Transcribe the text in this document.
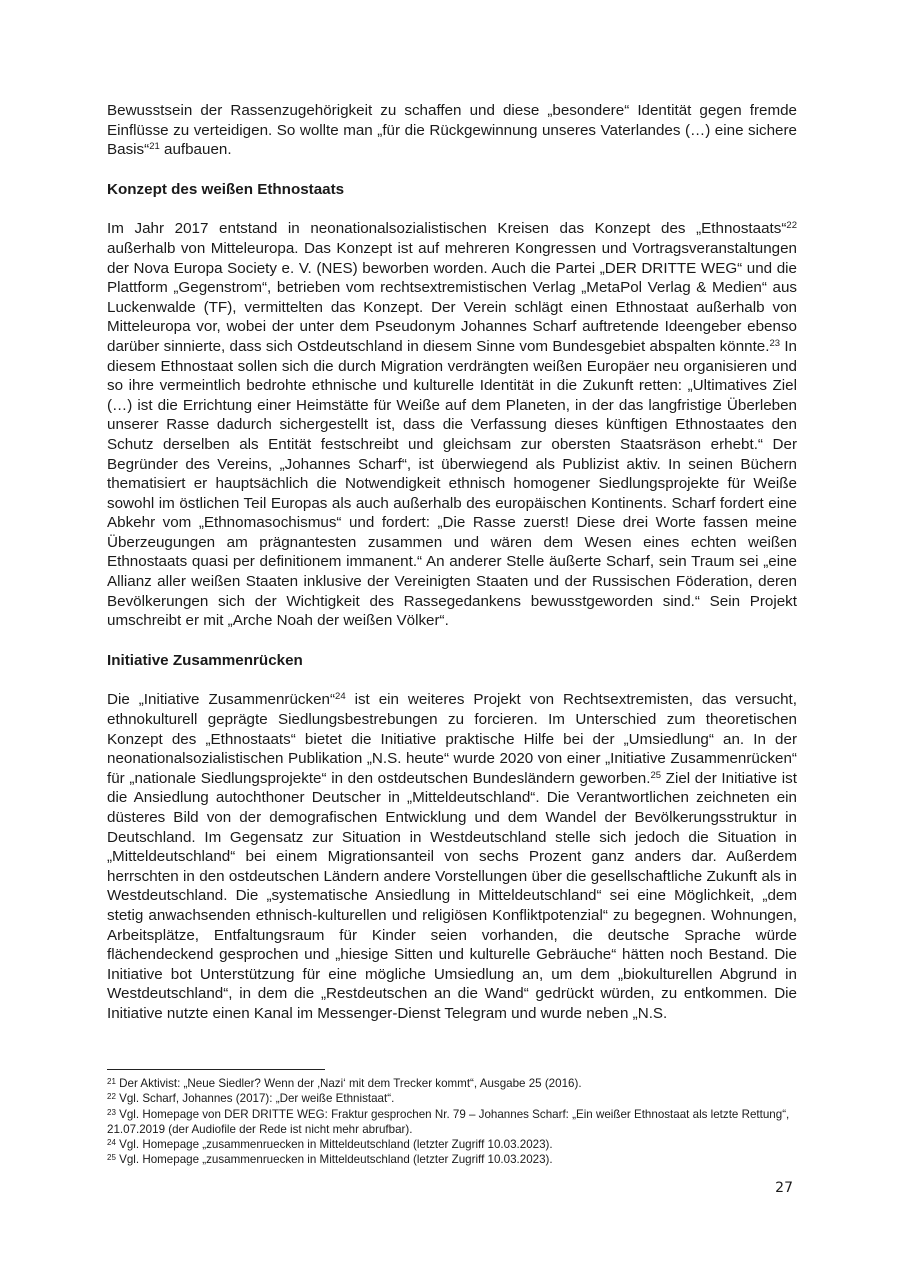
Bewusstsein der Rassenzugehörigkeit zu schaffen und diese „besondere“ Identität gegen fremde Einflüsse zu verteidigen. So wollte man „für die Rückgewinnung unseres Vaterlandes (…) eine sichere Basis“$^{21}$ aufbauen.

Konzept des weißen Ethnostaats

Im Jahr 2017 entstand in neonationalsozialistischen Kreisen das Konzept des „Ethnostaats“$^{22}$ außerhalb von Mitteleuropa. Das Konzept ist auf mehreren Kongressen und Vortragsveranstaltungen der Nova Europa Society e. V. (NES) beworben worden. Auch die Partei „DER DRITTE WEG“ und die Plattform „Gegenstrom“, betrieben vom rechtsextremistischen Verlag „MetaPol Verlag & Medien“ aus Luckenwalde (TF), vermittelten das Konzept. Der Verein schlägt einen Ethnostaat außerhalb von Mitteleuropa vor, wobei der unter dem Pseudonym Johannes Scharf auftretende Ideengeber ebenso darüber sinnierte, dass sich Ostdeutschland in diesem Sinne vom Bundesgebiet abspalten könnte.$^{23}$ In diesem Ethnostaat sollen sich die durch Migration verdrängten weißen Europäer neu organisieren und so ihre vermeintlich bedrohte ethnische und kulturelle Identität in die Zukunft retten: „Ultimatives Ziel (…) ist die Errichtung einer Heimstätte für Weiße auf dem Planeten, in der das langfristige Überleben unserer Rasse dadurch sichergestellt ist, dass die Verfassung dieses künftigen Ethnostaates den Schutz derselben als Entität festschreibt und gleichsam zur obersten Staatsräson erhebt.“ Der Begründer des Vereins, „Johannes Scharf“, ist überwiegend als Publizist aktiv. In seinen Büchern thematisiert er hauptsächlich die Notwendigkeit ethnisch homogener Siedlungsprojekte für Weiße sowohl im östlichen Teil Europas als auch außerhalb des europäischen Kontinents. Scharf fordert eine Abkehr vom „Ethnomasochismus“ und fordert: „Die Rasse zuerst! Diese drei Worte fassen meine Überzeugungen am prägnantesten zusammen und wären dem Wesen eines echten weißen Ethnostaats quasi per definitionem immanent.“ An anderer Stelle äußerte Scharf, sein Traum sei „eine Allianz aller weißen Staaten inklusive der Vereinigten Staaten und der Russischen Föderation, deren Bevölkerungen sich der Wichtigkeit des Rassegedankens bewusstgeworden sind.“ Sein Projekt umschreibt er mit „Arche Noah der weißen Völker“.

Initiative Zusammenrücken

Die „Initiative Zusammenrücken“$^{24}$ ist ein weiteres Projekt von Rechtsextremisten, das versucht, ethnokulturell geprägte Siedlungsbestrebungen zu forcieren. Im Unterschied zum theoretischen Konzept des „Ethnostaats“ bietet die Initiative praktische Hilfe bei der „Umsiedlung“ an. In der neonationalsozialistischen Publikation „N.S. heute“ wurde 2020 von einer „Initiative Zusammenrücken“ für „nationale Siedlungsprojekte“ in den ostdeutschen Bundesländern geworben.$^{25}$ Ziel der Initiative ist die Ansiedlung autochthoner Deutscher in „Mitteldeutschland“. Die Verantwortlichen zeichneten ein düsteres Bild von der demografischen Entwicklung und dem Wandel der Bevölkerungsstruktur in Deutschland. Im Gegensatz zur Situation in Westdeutschland stelle sich jedoch die Situation in „Mitteldeutschland“ bei einem Migrationsanteil von sechs Prozent ganz anders dar. Außerdem herrschten in den ostdeutschen Ländern andere Vorstellungen über die gesellschaftliche Zukunft als in Westdeutschland. Die „systematische Ansiedlung in Mitteldeutschland“ sei eine Möglichkeit, „dem stetig anwachsenden ethnisch-kulturellen und religiösen Konfliktpotenzial“ zu begegnen. Wohnungen, Arbeitsplätze, Entfaltungsraum für Kinder seien vorhanden, die deutsche Sprache würde flächendeckend gesprochen und „hiesige Sitten und kulturelle Gebräuche“ hätten noch Bestand. Die Initiative bot Unterstützung für eine mögliche Umsiedlung an, um dem „biokulturellen Abgrund in Westdeutschland“, in dem die „Restdeutschen an die Wand“ gedrückt würden, zu entkommen. Die Initiative nutzte einen Kanal im Messenger-Dienst Telegram und wurde neben „N.S.

$^{21}$ Der Aktivist: „Neue Siedler? Wenn der ‚Nazi‘ mit dem Trecker kommt“, Ausgabe 25 (2016).

$^{22}$ Vgl. Scharf, Johannes (2017): „Der weiße Ethnistaat“.

$^{23}$ Vgl. Homepage von DER DRITTE WEG: Fraktur gesprochen Nr. 79 – Johannes Scharf: „Ein weißer Ethnostaat als letzte Rettung“, 21.07.2019 (der Audiofile der Rede ist nicht mehr abrufbar).

$^{24}$ Vgl. Homepage „zusammenruecken in Mitteldeutschland (letzter Zugriff 10.03.2023).

$^{25}$ Vgl. Homepage „zusammenruecken in Mitteldeutschland (letzter Zugriff 10.03.2023).

27
